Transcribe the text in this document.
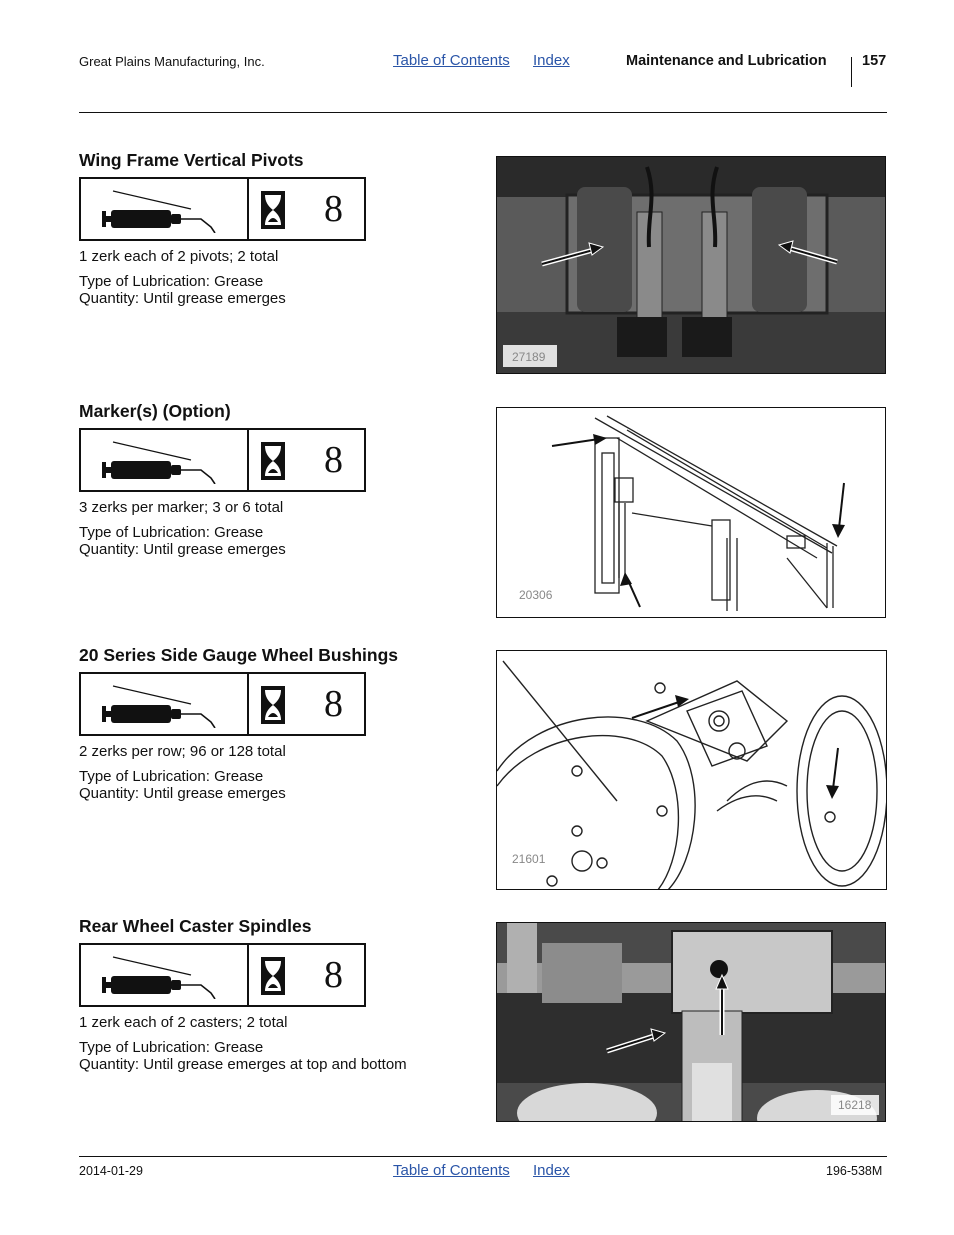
Great Plains Manufacturing, Inc.	Table of Contents Index	Maintenance and Lubrication 157
Wing Frame Vertical Pivots
8

1 zerk each of 2 pivots; 2 total

Type of Lubrication: Grease

Quantity: Until grease emerges

27189
Marker(s) (Option)
8

3 zerks per marker; 3 or 6 total

Type of Lubrication: Grease

Quantity: Until grease emerges

20306
20 Series Side Gauge Wheel Bushings
8

2 zerks per row; 96 or 128 total

Type of Lubrication: Grease

Quantity: Until grease emerges

21601
Rear Wheel Caster Spindles
8

1 zerk each of 2 casters; 2 total

Type of Lubrication: Grease

Quantity: Until grease emerges at top and bottom

16218
2014-01-29	Table of Contents Index	196-538M
